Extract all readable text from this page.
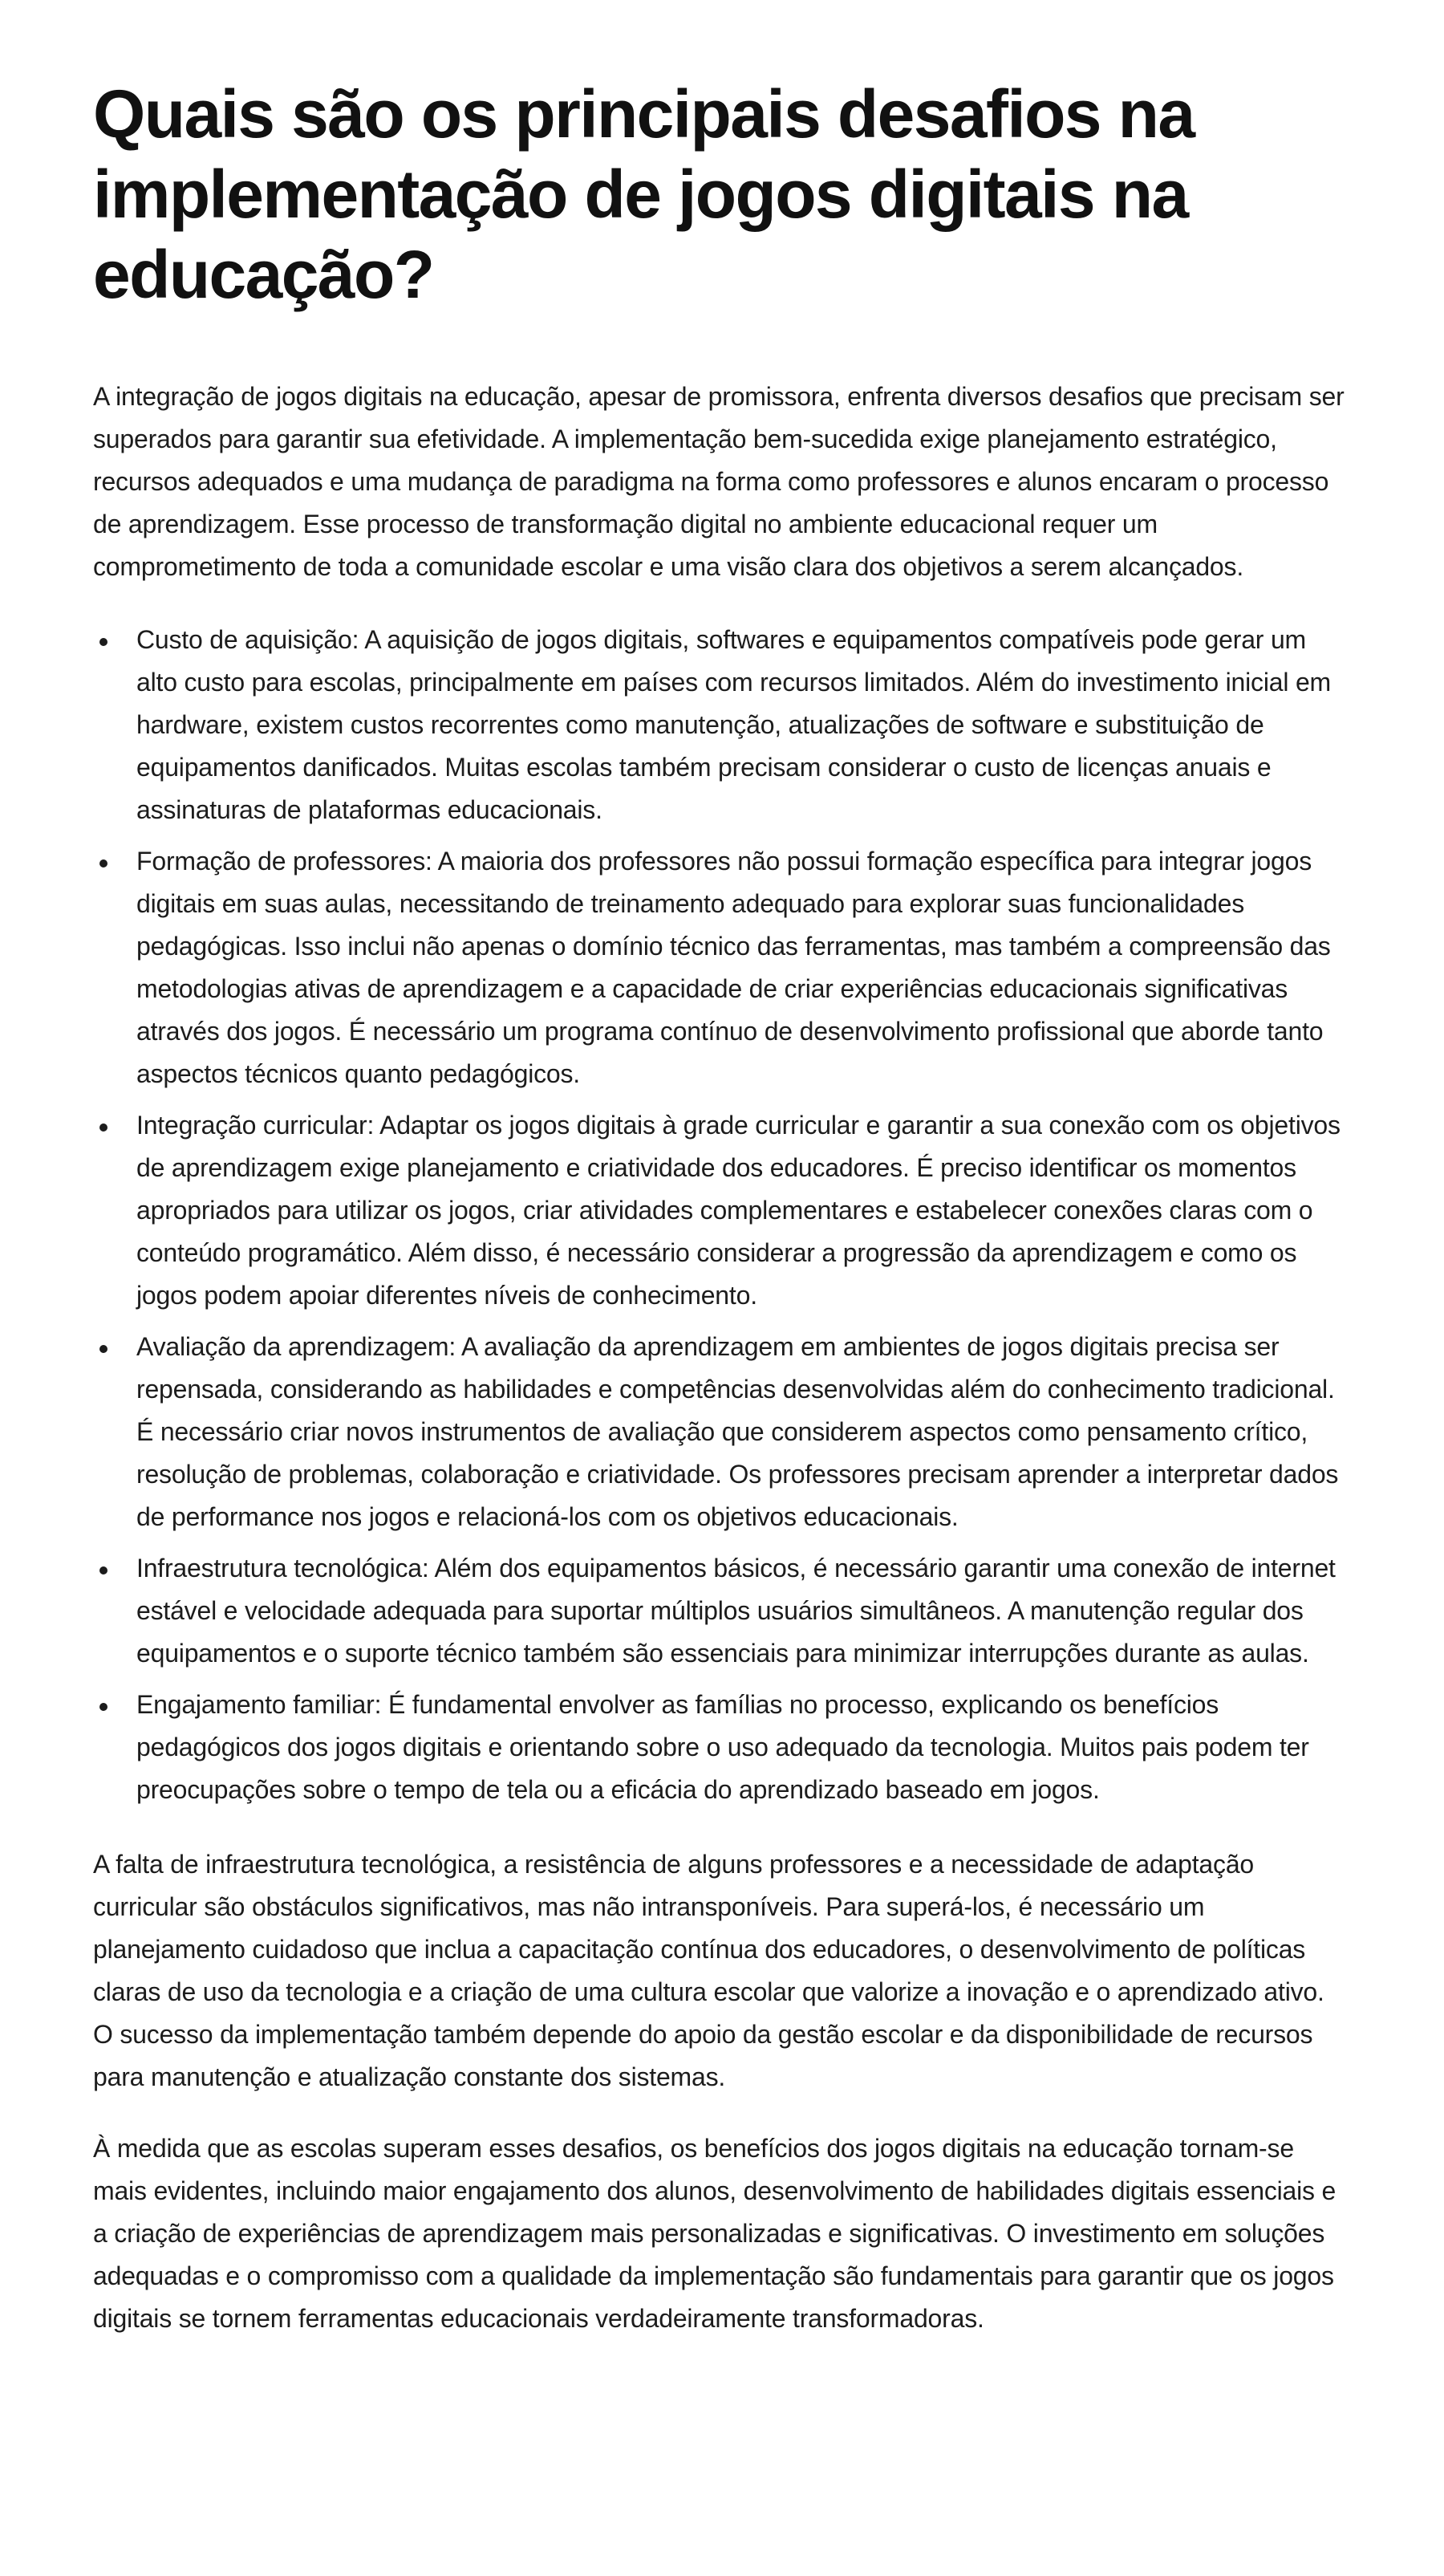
Quais são os principais desafios na implementação de jogos digitais na educação?

A integração de jogos digitais na educação, apesar de promissora, enfrenta diversos desafios que precisam ser superados para garantir sua efetividade. A implementação bem-sucedida exige planejamento estratégico, recursos adequados e uma mudança de paradigma na forma como professores e alunos encaram o processo de aprendizagem. Esse processo de transformação digital no ambiente educacional requer um comprometimento de toda a comunidade escolar e uma visão clara dos objetivos a serem alcançados.

Custo de aquisição: A aquisição de jogos digitais, softwares e equipamentos compatíveis pode gerar um alto custo para escolas, principalmente em países com recursos limitados. Além do investimento inicial em hardware, existem custos recorrentes como manutenção, atualizações de software e substituição de equipamentos danificados. Muitas escolas também precisam considerar o custo de licenças anuais e assinaturas de plataformas educacionais.
Formação de professores: A maioria dos professores não possui formação específica para integrar jogos digitais em suas aulas, necessitando de treinamento adequado para explorar suas funcionalidades pedagógicas. Isso inclui não apenas o domínio técnico das ferramentas, mas também a compreensão das metodologias ativas de aprendizagem e a capacidade de criar experiências educacionais significativas através dos jogos. É necessário um programa contínuo de desenvolvimento profissional que aborde tanto aspectos técnicos quanto pedagógicos.
Integração curricular: Adaptar os jogos digitais à grade curricular e garantir a sua conexão com os objetivos de aprendizagem exige planejamento e criatividade dos educadores. É preciso identificar os momentos apropriados para utilizar os jogos, criar atividades complementares e estabelecer conexões claras com o conteúdo programático. Além disso, é necessário considerar a progressão da aprendizagem e como os jogos podem apoiar diferentes níveis de conhecimento.
Avaliação da aprendizagem: A avaliação da aprendizagem em ambientes de jogos digitais precisa ser repensada, considerando as habilidades e competências desenvolvidas além do conhecimento tradicional. É necessário criar novos instrumentos de avaliação que considerem aspectos como pensamento crítico, resolução de problemas, colaboração e criatividade. Os professores precisam aprender a interpretar dados de performance nos jogos e relacioná-los com os objetivos educacionais.
Infraestrutura tecnológica: Além dos equipamentos básicos, é necessário garantir uma conexão de internet estável e velocidade adequada para suportar múltiplos usuários simultâneos. A manutenção regular dos equipamentos e o suporte técnico também são essenciais para minimizar interrupções durante as aulas.
Engajamento familiar: É fundamental envolver as famílias no processo, explicando os benefícios pedagógicos dos jogos digitais e orientando sobre o uso adequado da tecnologia. Muitos pais podem ter preocupações sobre o tempo de tela ou a eficácia do aprendizado baseado em jogos.

A falta de infraestrutura tecnológica, a resistência de alguns professores e a necessidade de adaptação curricular são obstáculos significativos, mas não intransponíveis. Para superá-los, é necessário um planejamento cuidadoso que inclua a capacitação contínua dos educadores, o desenvolvimento de políticas claras de uso da tecnologia e a criação de uma cultura escolar que valorize a inovação e o aprendizado ativo. O sucesso da implementação também depende do apoio da gestão escolar e da disponibilidade de recursos para manutenção e atualização constante dos sistemas.

À medida que as escolas superam esses desafios, os benefícios dos jogos digitais na educação tornam-se mais evidentes, incluindo maior engajamento dos alunos, desenvolvimento de habilidades digitais essenciais e a criação de experiências de aprendizagem mais personalizadas e significativas. O investimento em soluções adequadas e o compromisso com a qualidade da implementação são fundamentais para garantir que os jogos digitais se tornem ferramentas educacionais verdadeiramente transformadoras.
